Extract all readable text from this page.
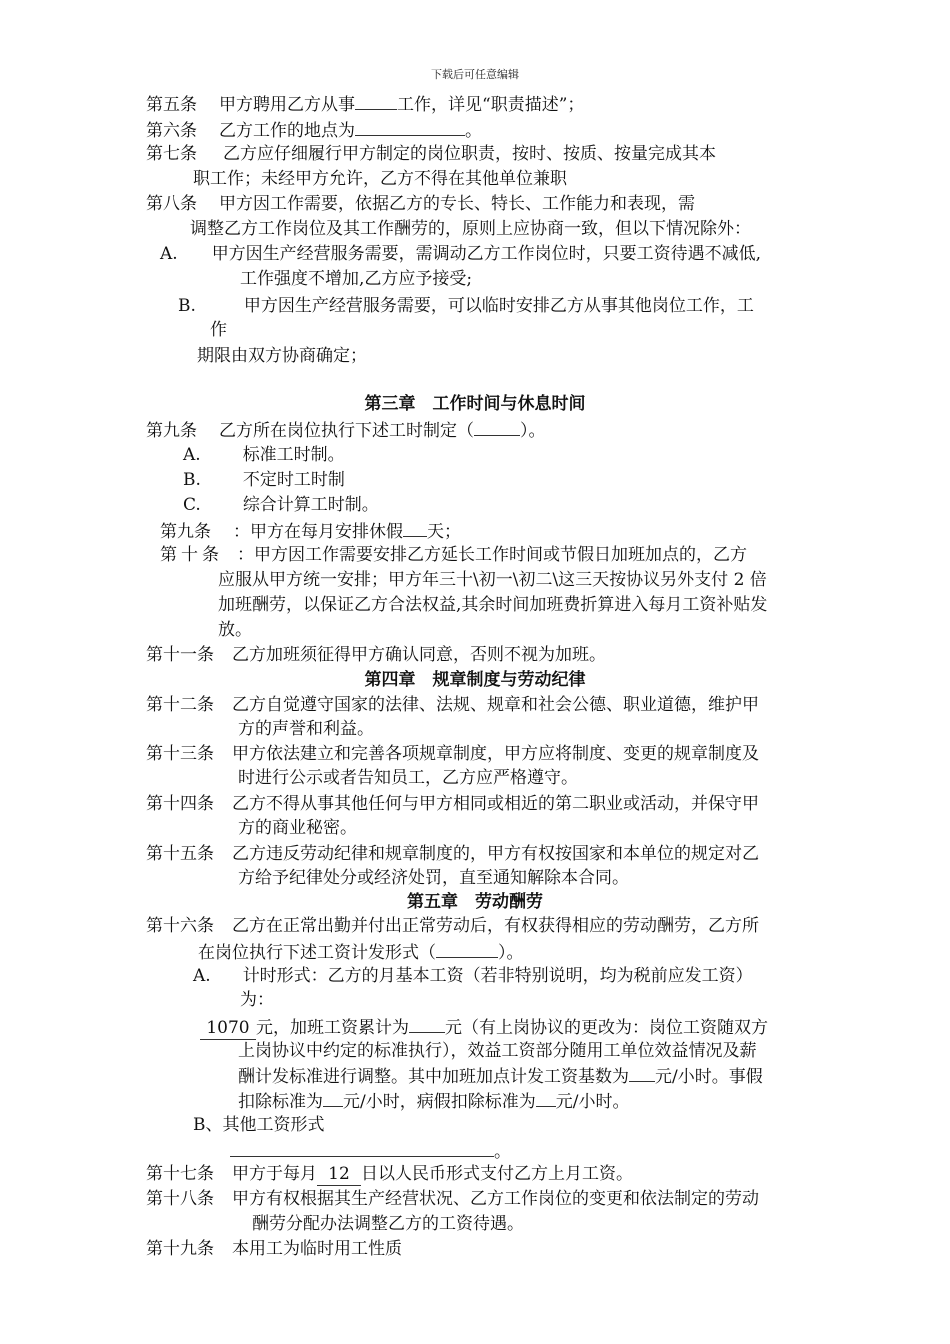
下载后可任意编辑
第五条 甲方聘用乙方从事 工作，详见“职责描述”；
第六条 乙方工作的地点为	。
第七条 乙方应仔细履行甲方制定的岗位职责，按时、按质、按量完成其本
职工作；未经甲方允许，乙方不得在其他单位兼职
第八条 甲方因工作需要，依据乙方的专长、特长、工作能力和表现，需
调整乙方工作岗位及其工作酬劳的，原则上应协商一致，但以下情况除外：
A. 甲方因生产经营服务需要，需调动乙方工作岗位时，只要工资待遇不减低,
工作强度不增加,乙方应予接受;
B.	甲方因生产经营服务需要，可以临时安排乙方从事其他岗位工作，工
作
期限由双方协商确定；
第三章　工作时间与休息时间
第九条 乙方所在岗位执行下述工时制定（	）。
A. 标准工时制。
B. 不定时工时制
C. 综合计算工时制。
第九条 ：甲方在每月安排休假 天；
第十条 ：甲方因工作需要安排乙方延长工作时间或节假日加班加点的，乙方
应服从甲方统一安排；甲方年三十\初一\初二\这三天按协议另外支付 2 倍
加班酬劳，以保证乙方合法权益,其余时间加班费折算进入每月工资补贴发
放。
第十一条 乙方加班须征得甲方确认同意，否则不视为加班。
第四章　规章制度与劳动纪律
第十二条 乙方自觉遵守国家的法律、法规、规章和社会公德、职业道德，维护甲
方的声誉和利益。
第十三条 甲方依法建立和完善各项规章制度，甲方应将制度、变更的规章制度及
时进行公示或者告知员工，乙方应严格遵守。
第十四条 乙方不得从事其他任何与甲方相同或相近的第二职业或活动，并保守甲
方的商业秘密。
第十五条 乙方违反劳动纪律和规章制度的，甲方有权按国家和本单位的规定对乙
方给予纪律处分或经济处罚，直至通知解除本合同。
第五章　劳动酬劳
第十六条 乙方在正常出勤并付出正常劳动后，有权获得相应的劳动酬劳，乙方所
在岗位执行下述工资计发形式（	）。
A. 计时形式：乙方的月基本工资（若非特别说明，均为税前应发工资）
为：
1070 元，加班工资累计为 元（有上岗协议的更改为：岗位工资随双方
上岗协议中约定的标准执行），效益工资部分随用工单位效益情况及薪
酬计发标准进行调整。其中加班加点计发工资基数为 元/小时。事假
扣除标准为 元/小时，病假扣除标准为 元/小时。
B、其他工资形式
。
第十七条 甲方于每月 12 日以人民币形式支付乙方上月工资。
第十八条 甲方有权根据其生产经营状况、乙方工作岗位的变更和依法制定的劳动
酬劳分配办法调整乙方的工资待遇。
第十九条 本用工为临时用工性质
